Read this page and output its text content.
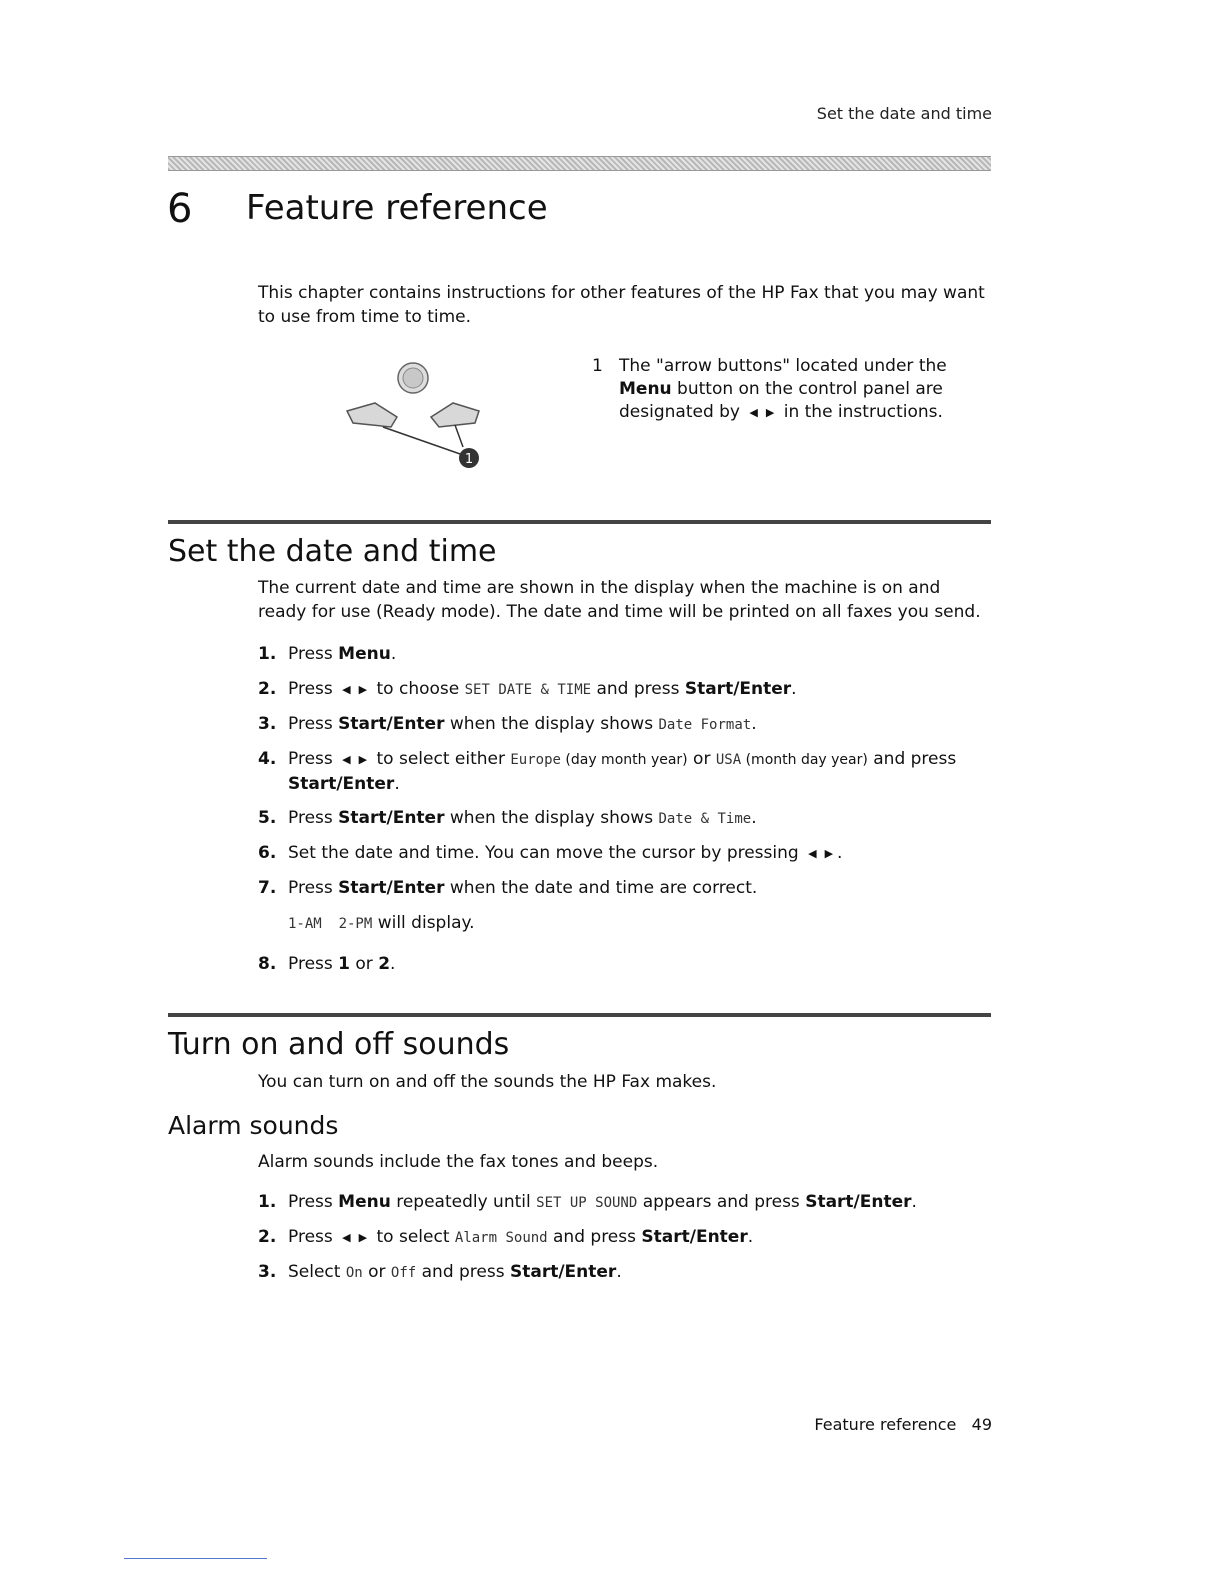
Set the date and time
6 Feature reference
This chapter contains instructions for other features of the HP Fax that you may want to use from time to time.
1
1 The "arrow buttons" located under the
Menu button on the control panel are designated by ◀ ▶ in the instructions.
Set the date and time
The current date and time are shown in the display when the machine is on and ready for use (Ready mode). The date and time will be printed on all faxes you send.
1. Press Menu.
2. Press ◀ ▶ to choose SET DATE & TIME and press Start/Enter.
3. Press Start/Enter when the display shows Date Format.
4. Press ◀ ▶ to select either Europe (day month year) or USA (month day year) and press
Start/Enter.
5. Press Start/Enter when the display shows Date & Time.
6. Set the date and time. You can move the cursor by pressing ◀ ▶ .
7. Press Start/Enter when the date and time are correct.
1-AM  2-PM will display.
8. Press 1 or 2.
Turn on and off sounds
You can turn on and off the sounds the HP Fax makes.
Alarm sounds
Alarm sounds include the fax tones and beeps.
1. Press Menu repeatedly until SET UP SOUND appears and press Start/Enter.
2. Press ◀ ▶ to select Alarm Sound and press Start/Enter.
3. Select On or Off and press Start/Enter.
Feature reference 49
